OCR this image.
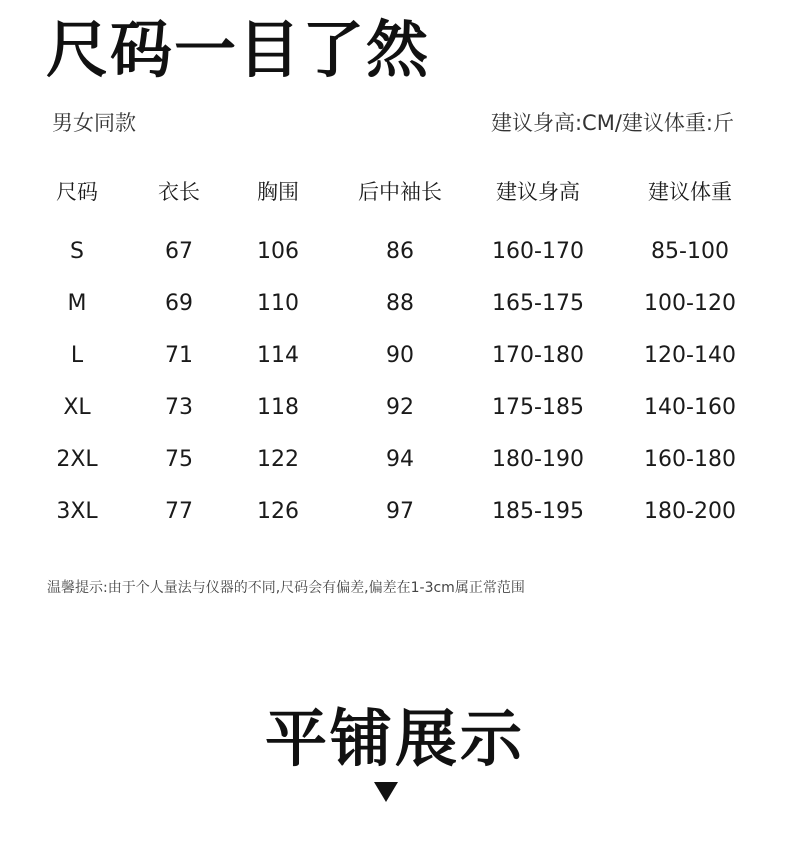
尺码一目了然
男女同款	建议身高:CM/建议体重:斤
尺码	衣长	胸围	后中袖长	建议身高	建议体重
S	67	106	86	160-170	85-100
M	69	110	88	165-175	100-120
L	71	114	90	170-180	120-140
XL	73	118	92	175-185	140-160
2XL	75	122	94	180-190	160-180
3XL	77	126	97	185-195	180-200
温馨提示:由于个人量法与仪器的不同,尺码会有偏差,偏差在1-3cm属正常范围
平铺展示
